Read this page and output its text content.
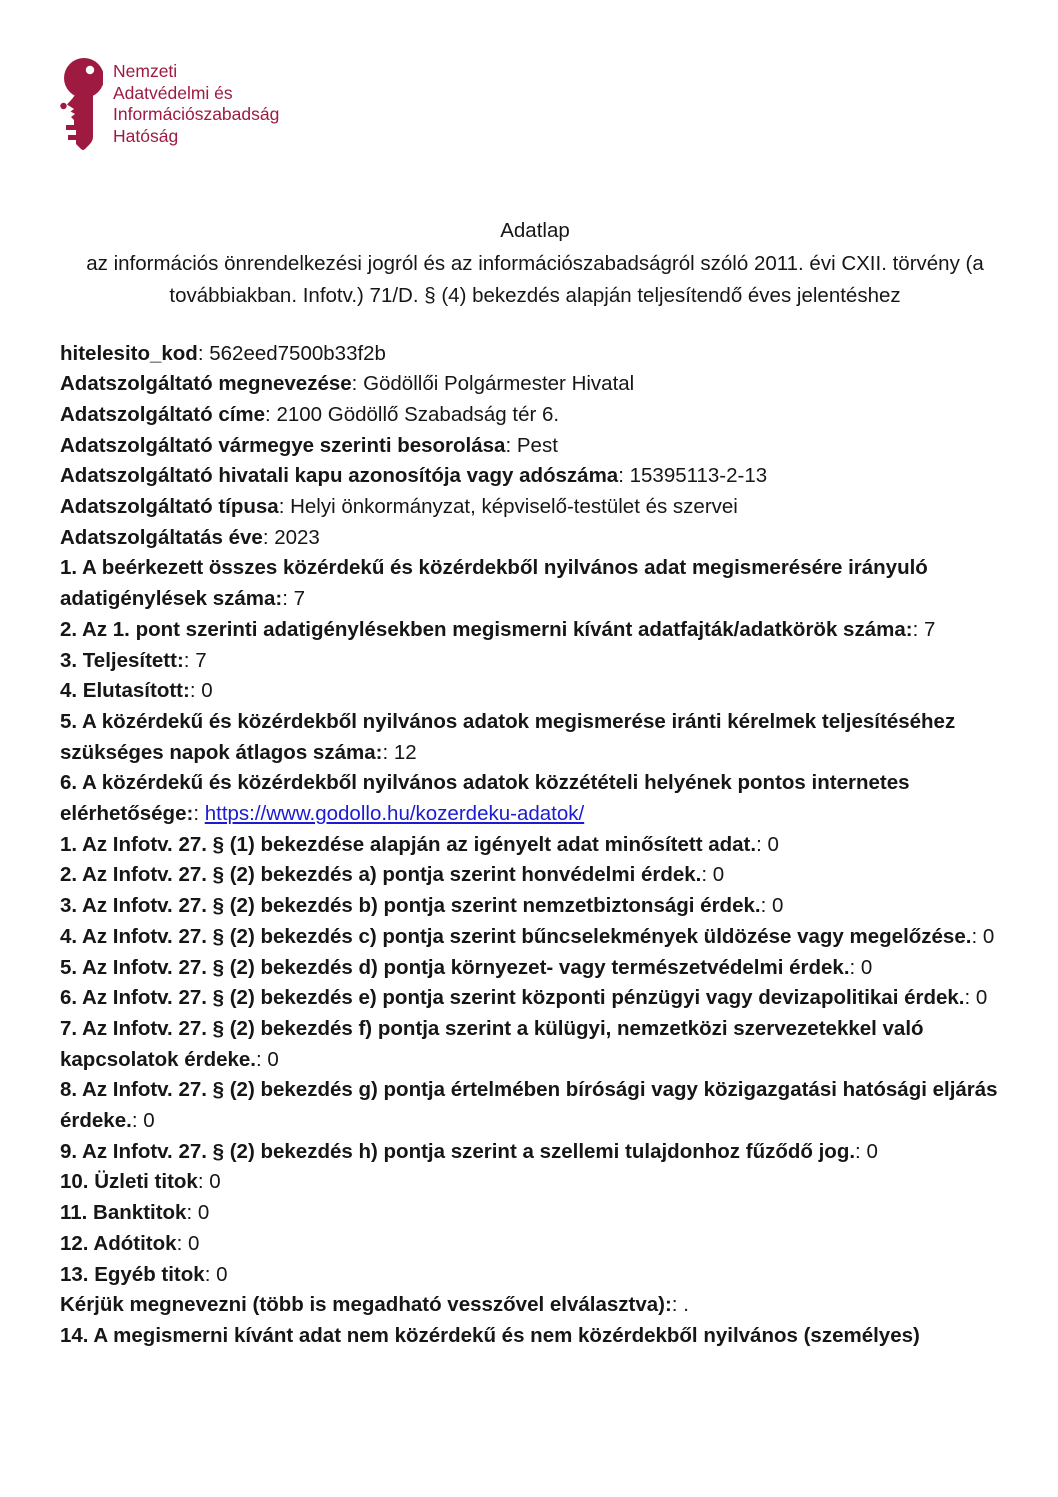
Nemzeti
Adatvédelmi és
Információszabadság
Hatóság

Adatlap

az információs önrendelkezési jogról és az információszabadságról szóló 2011. évi CXII. törvény (a továbbiakban. Infotv.) 71/D. § (4) bekezdés alapján teljesítendő éves jelentéshez

hitelesito_kod: 562eed7500b33f2b

Adatszolgáltató megnevezése: Gödöllői Polgármester Hivatal

Adatszolgáltató címe: 2100 Gödöllő Szabadság tér 6.

Adatszolgáltató vármegye szerinti besorolása: Pest

Adatszolgáltató hivatali kapu azonosítója vagy adószáma: 15395113-2-13

Adatszolgáltató típusa: Helyi önkormányzat, képviselő-testület és szervei

Adatszolgáltatás éve: 2023

1. A beérkezett összes közérdekű és közérdekből nyilvános adat megismerésére irányuló adatigénylések száma:: 7

2. Az 1. pont szerinti adatigénylésekben megismerni kívánt adatfajták/adatkörök száma:: 7

3. Teljesített:: 7

4. Elutasított:: 0

5. A közérdekű és közérdekből nyilvános adatok megismerése iránti kérelmek teljesítéséhez szükséges napok átlagos száma:: 12

6. A közérdekű és közérdekből nyilvános adatok közzétételi helyének pontos internetes elérhetősége:: https://www.godollo.hu/kozerdeku-adatok/

1. Az Infotv. 27. § (1) bekezdése alapján az igényelt adat minősített adat.: 0

2. Az Infotv. 27. § (2) bekezdés a) pontja szerint honvédelmi érdek.: 0

3. Az Infotv. 27. § (2) bekezdés b) pontja szerint nemzetbiztonsági érdek.: 0

4. Az Infotv. 27. § (2) bekezdés c) pontja szerint bűncselekmények üldözése vagy megelőzése.: 0

5. Az Infotv. 27. § (2) bekezdés d) pontja környezet- vagy természetvédelmi érdek.: 0

6. Az Infotv. 27. § (2) bekezdés e) pontja szerint központi pénzügyi vagy devizapolitikai érdek.: 0

7. Az Infotv. 27. § (2) bekezdés f) pontja szerint a külügyi, nemzetközi szervezetekkel való kapcsolatok érdeke.: 0

8. Az Infotv. 27. § (2) bekezdés g) pontja értelmében bírósági vagy közigazgatási hatósági eljárás érdeke.: 0

9. Az Infotv. 27. § (2) bekezdés h) pontja szerint a szellemi tulajdonhoz fűződő jog.: 0

10. Üzleti titok: 0

11. Banktitok: 0

12. Adótitok: 0

13. Egyéb titok: 0

Kérjük megnevezni (több is megadható vesszővel elválasztva):: .

14. A megismerni kívánt adat nem közérdekű és nem közérdekből nyilvános (személyes)
